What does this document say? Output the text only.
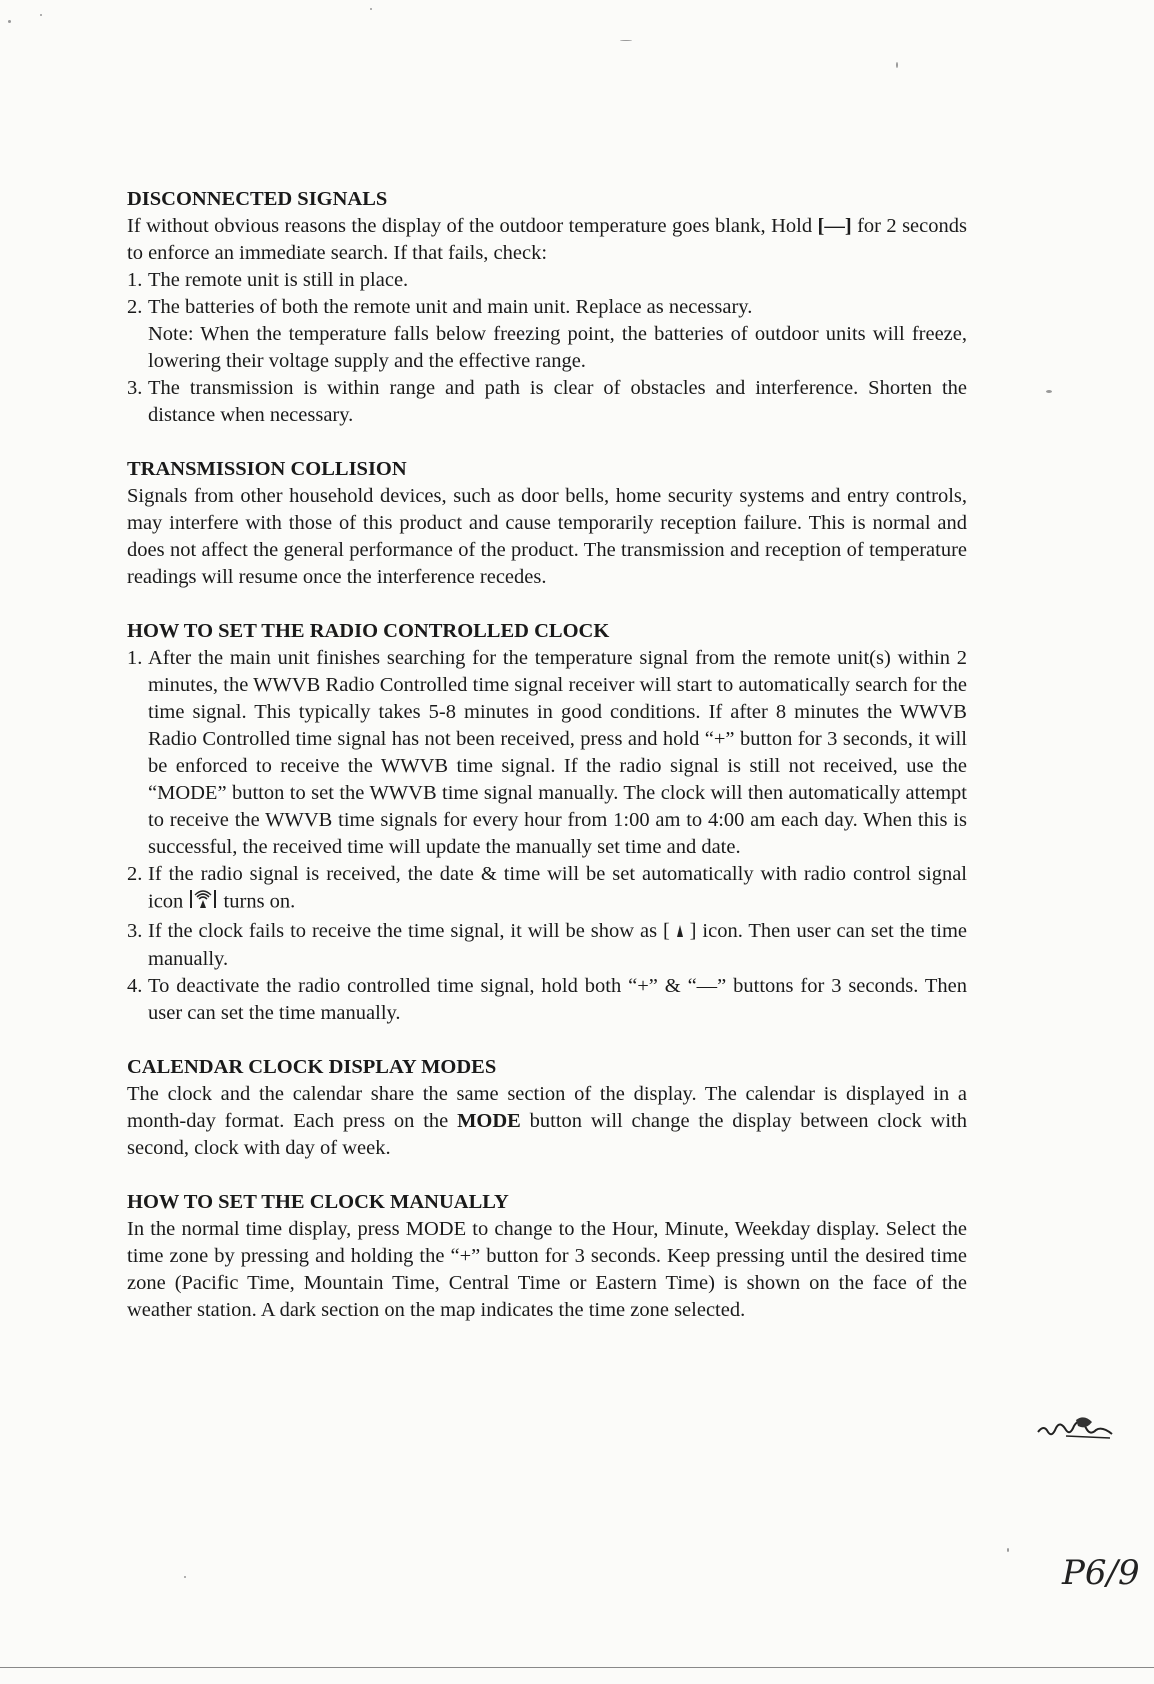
DISCONNECTED SIGNALS
If without obvious reasons the display of the outdoor temperature goes blank, Hold [—] for 2 seconds to enforce an immediate search. If that fails, check:
1. The remote unit is still in place.
2. The batteries of both the remote unit and main unit. Replace as necessary.
Note: When the temperature falls below freezing point, the batteries of outdoor units will freeze, lowering their voltage supply and the effective range.
3. The transmission is within range and path is clear of obstacles and interference. Shorten the distance when necessary.
TRANSMISSION COLLISION
Signals from other household devices, such as door bells, home security systems and entry controls, may interfere with those of this product and cause temporarily reception failure. This is normal and does not affect the general performance of the product. The transmission and reception of temperature readings will resume once the interference recedes.
HOW TO SET THE RADIO CONTROLLED CLOCK
1. After the main unit finishes searching for the temperature signal from the remote unit(s) within 2 minutes, the WWVB Radio Controlled time signal receiver will start to automatically search for the time signal. This typically takes 5-8 minutes in good conditions. If after 8 minutes the WWVB Radio Controlled time signal has not been received, press and hold “+” button for 3 seconds, it will be enforced to receive the WWVB time signal. If the radio signal is still not received, use the “MODE” button to set the WWVB time signal manually. The clock will then automatically attempt to receive the WWVB time signals for every hour from 1:00 am to 4:00 am each day. When this is successful, the received time will update the manually set time and date.
2. If the radio signal is received, the date & time will be set automatically with radio control signal icon  turns on.
3. If the clock fails to receive the time signal, it will be show as [  ] icon. Then user can set the time manually.
4. To deactivate the radio controlled time signal, hold both “+” & “—” buttons for 3 seconds. Then user can set the time manually.
CALENDAR CLOCK DISPLAY MODES
The clock and the calendar share the same section of the display. The calendar is displayed in a month-day format. Each press on the MODE button will change the display between clock with second, clock with day of week.
HOW TO SET THE CLOCK MANUALLY
In the normal time display, press MODE to change to the Hour, Minute, Weekday display. Select the time zone by pressing and holding the “+” button for 3 seconds. Keep pressing until the desired time zone (Pacific Time, Mountain Time, Central Time or Eastern Time) is shown on the face of the weather station. A dark section on the map indicates the time zone selected.
P6/9
